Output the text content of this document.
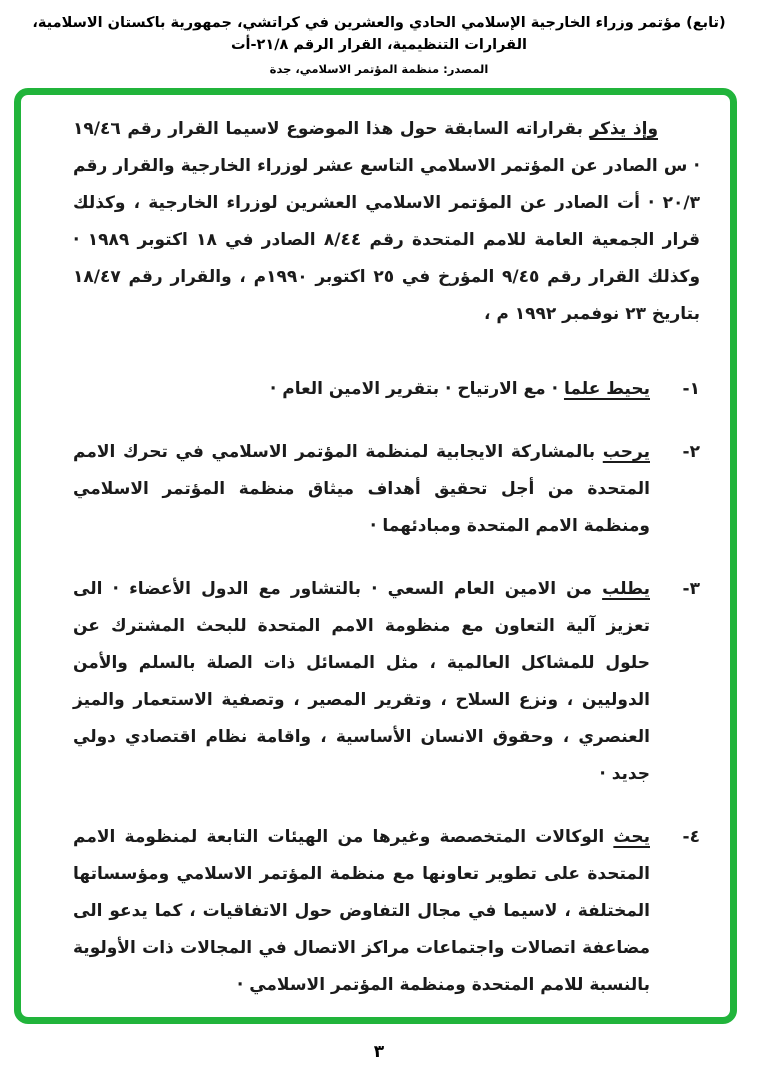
(تابع) مؤتمر وزراء الخارجية الإسلامي الحادي والعشرين في كراتشي، جمهورية باكستان الاسلامية، القرارات التنظيمية، القرار الرقم ٢١/٨-أت
المصدر: منظمة المؤتمر الاسلامي، جدة

وإذ يذكر بقراراته السابقة حول هذا الموضوع لاسيما القرار رقم ١٩/٤٦ · س الصادر عن المؤتمر الاسلامي التاسع عشر لوزراء الخارجية والقرار رقم ٢٠/٣ · أت الصادر عن المؤتمر الاسلامي العشرين لوزراء الخارجية ، وكذلك قرار الجمعية العامة للامم المتحدة رقم ٨/٤٤ الصادر في ١٨ اكتوبر ١٩٨٩ · وكذلك القرار رقم ٩/٤٥ المؤرخ في ٢٥ اكتوبر ١٩٩٠م ، والقرار رقم ١٨/٤٧ بتاريخ ٢٣ نوفمبر ١٩٩٢ م ،

١-
يحيط علما · مع الارتياح · بتقرير الامين العام ·
٢-
يرحب بالمشاركة الايجابية لمنظمة المؤتمر الاسلامي في تحرك الامم المتحدة من أجل تحقيق أهداف ميثاق منظمة المؤتمر الاسلامي ومنظمة الامم المتحدة ومبادئهما ·
٣-
يطلب من الامين العام السعي · بالتشاور مع الدول الأعضاء · الى تعزيز آلية التعاون مع منظومة الامم المتحدة للبحث المشترك عن حلول للمشاكل العالمية ، مثل المسائل ذات الصلة بالسلم والأمن الدوليين ، ونزع السلاح ، وتقرير المصير ، وتصفية الاستعمار والميز العنصري ، وحقوق الانسان الأساسية ، واقامة نظام اقتصادي دولي جديد ·
٤-
يحث الوكالات المتخصصة وغيرها من الهيئات التابعة لمنظومة الامم المتحدة على تطوير تعاونها مع منظمة المؤتمر الاسلامي ومؤسساتها المختلفة ، لاسيما في مجال التفاوض حول الاتفاقيات ، كما يدعو الى مضاعفة اتصالات واجتماعات مراكز الاتصال في المجالات ذات الأولوية بالنسبة للامم المتحدة ومنظمة المؤتمر الاسلامي ·
٣
